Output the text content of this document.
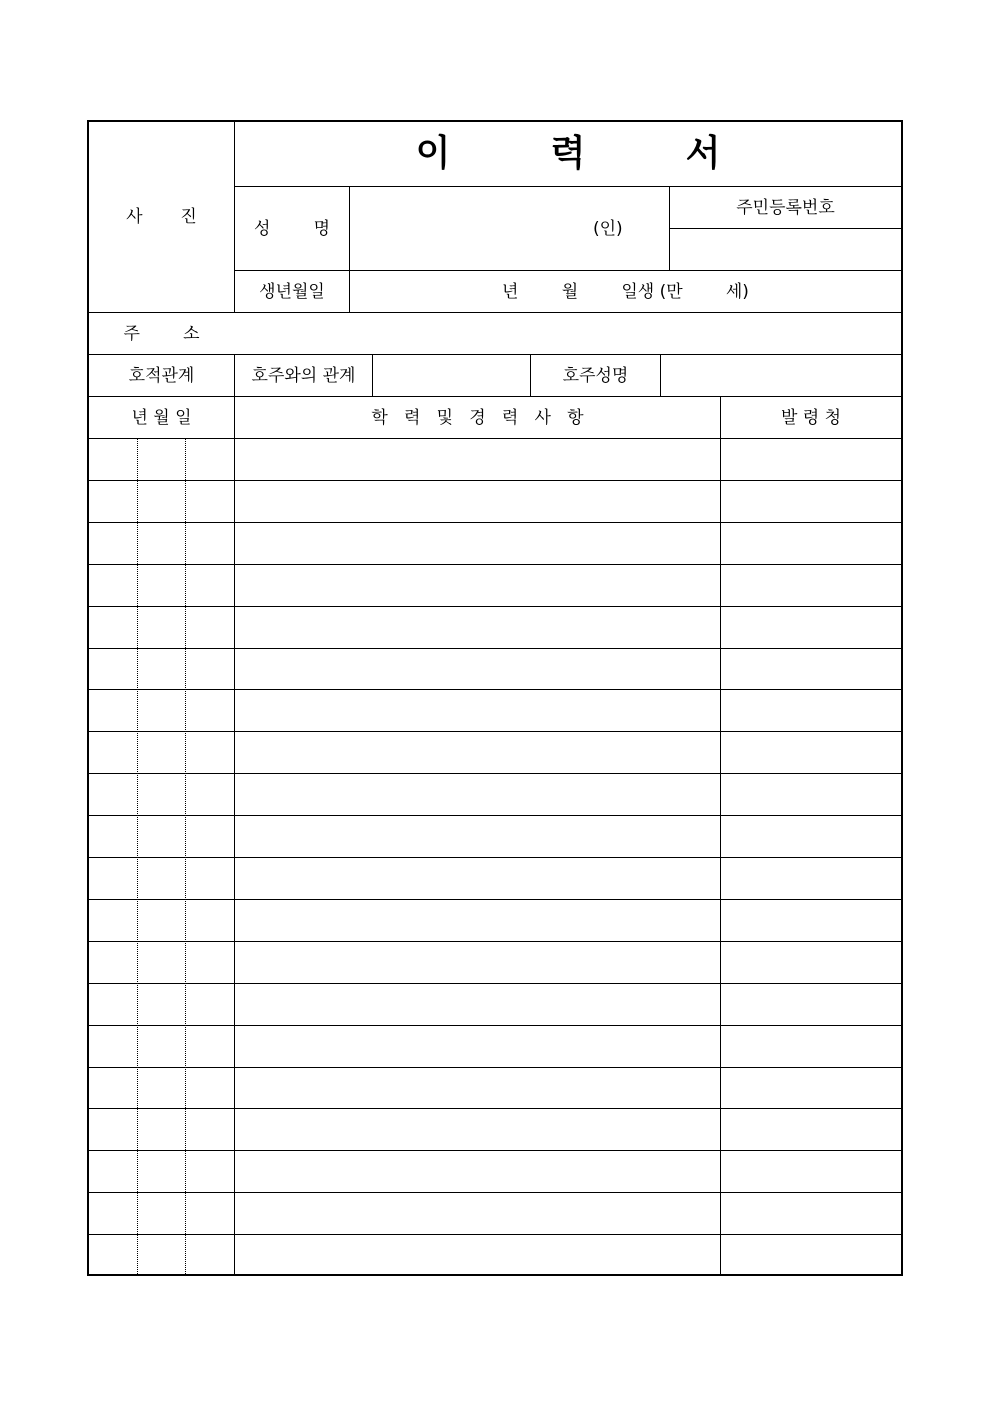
이        력        서
사       진
성        명	(인)
주민등록번호
생년월일	년        월        일생 (만        세)
주        소
호적관계	호주와의 관계	호주성명
년 월 일	학   력   및   경   력   사   항	발 령 청
